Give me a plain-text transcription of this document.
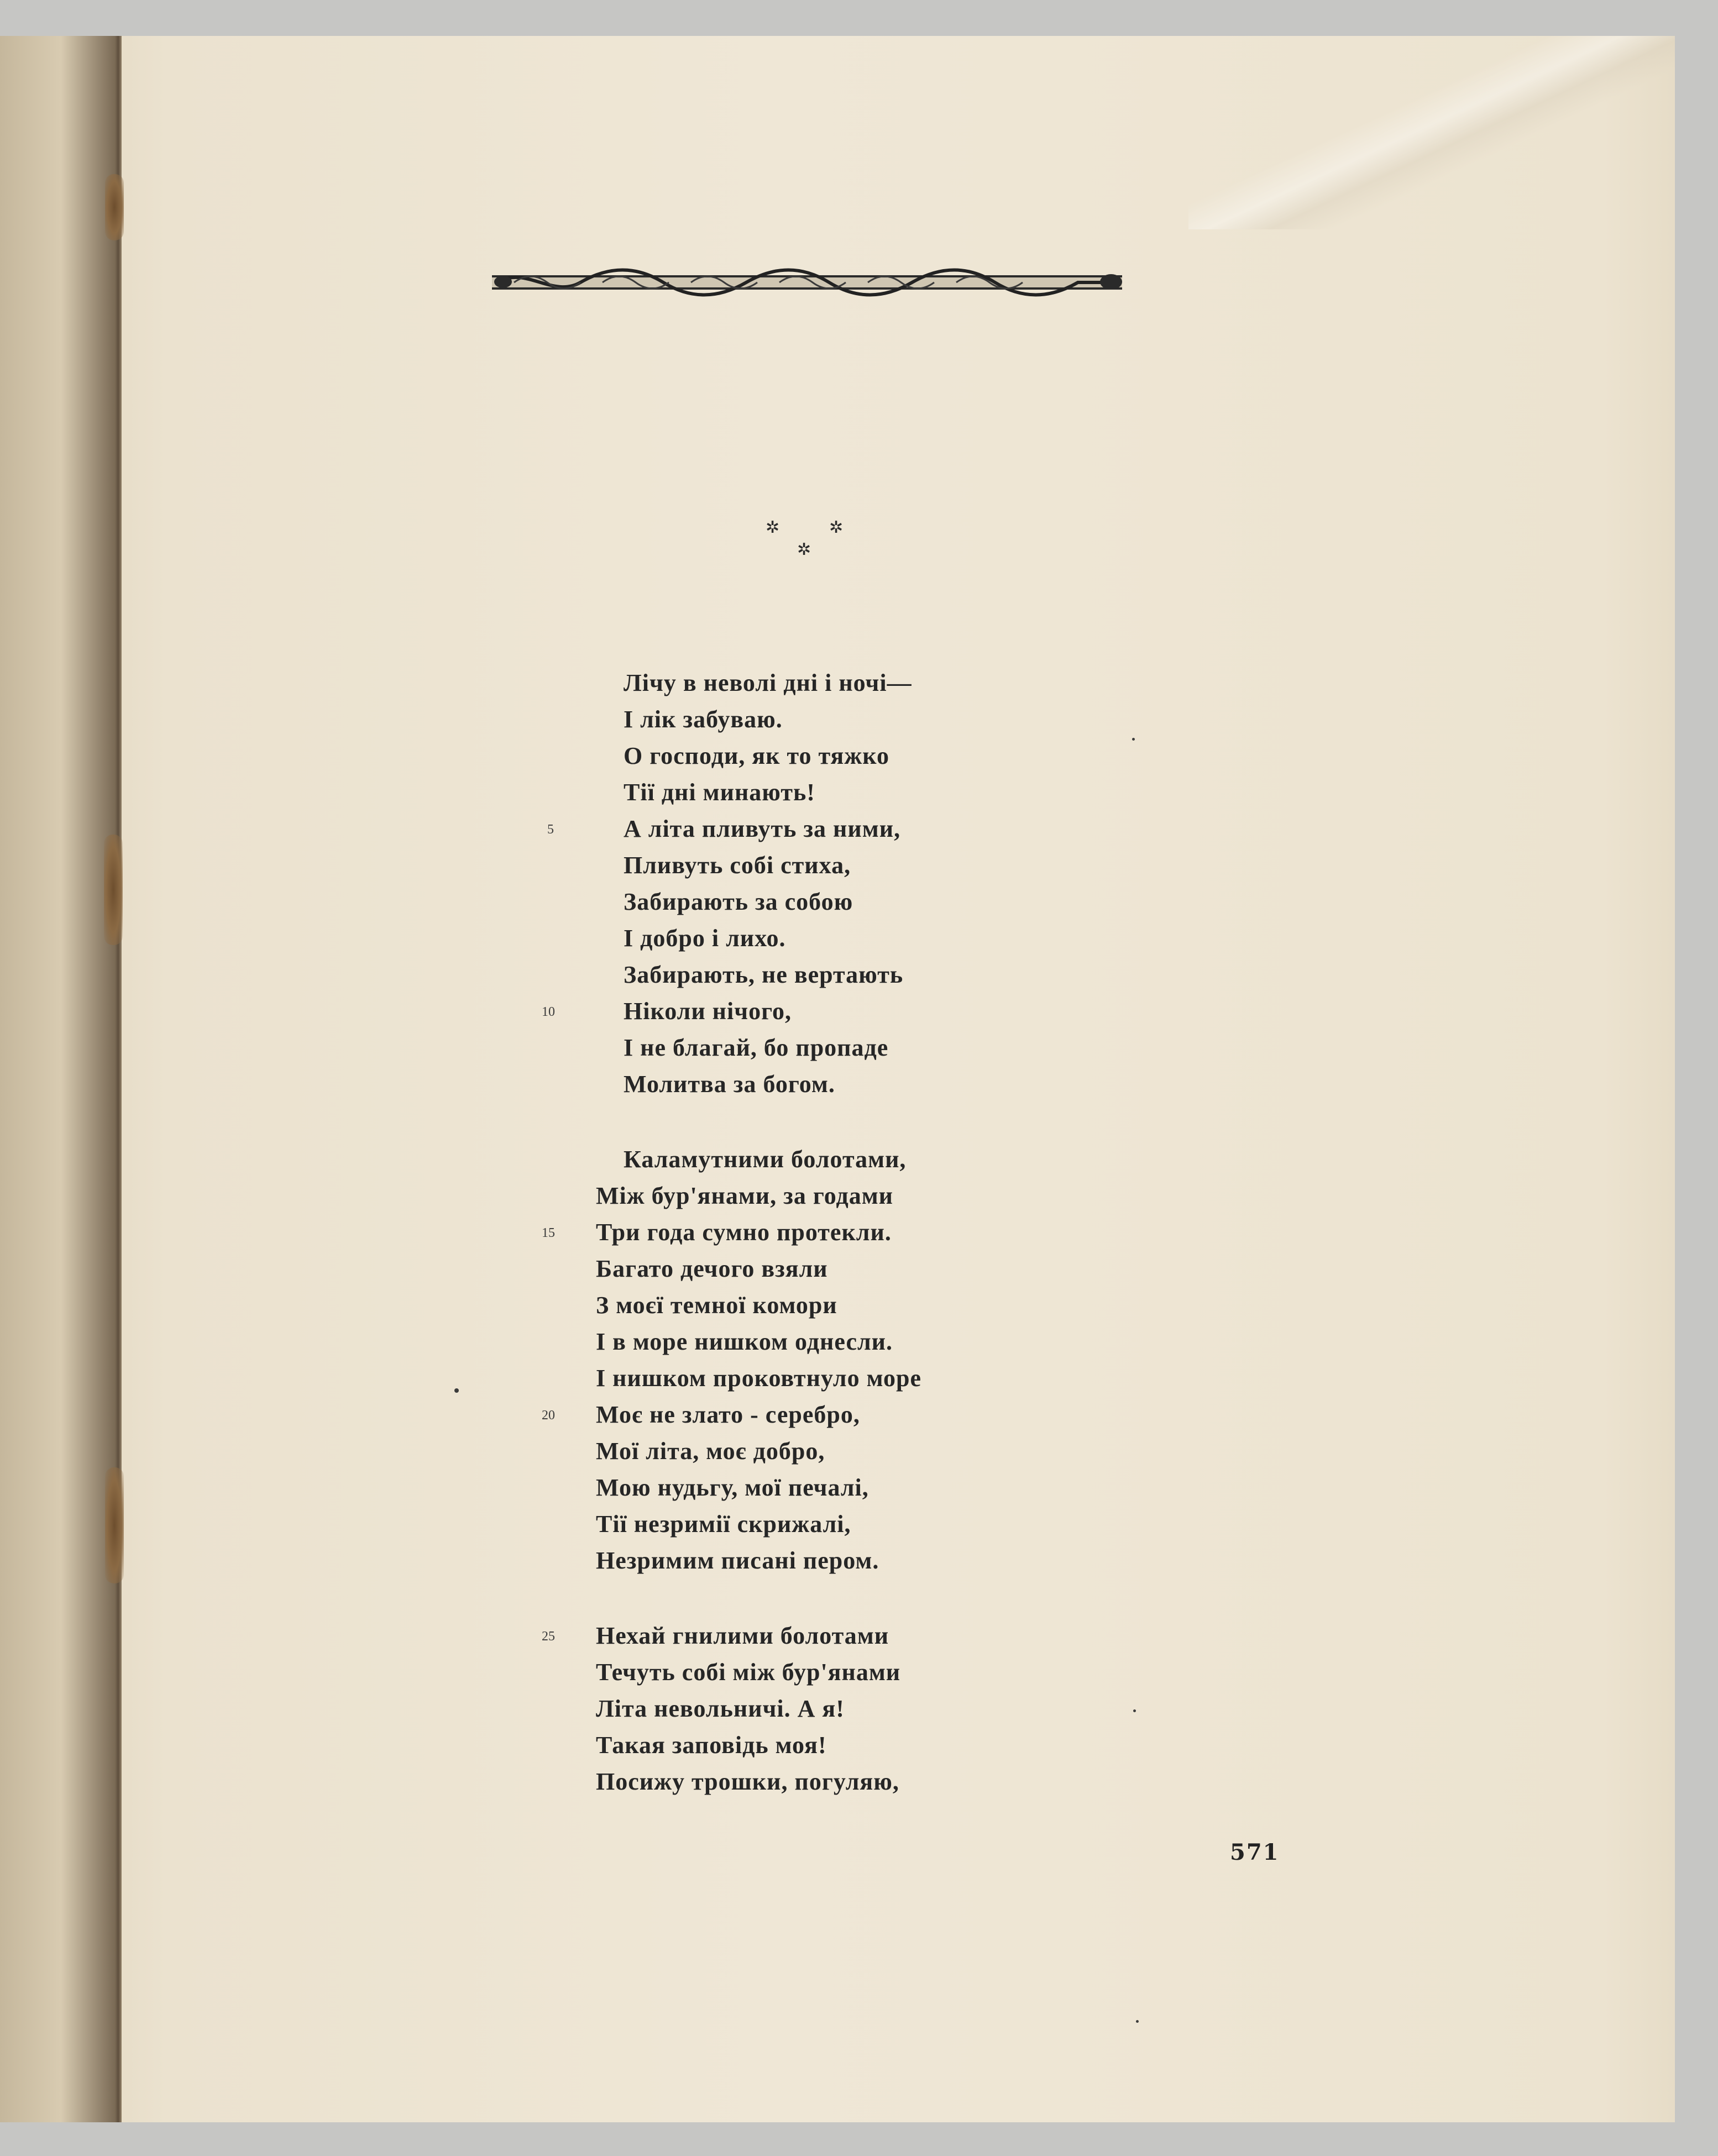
✲	✲
✲
Лічу в неволі дні і ночі—
І лік забуваю.
О господи, як то тяжко
Тії дні минають!
5	А літа пливуть за ними,
Пливуть собі стиха,
Забирають за собою
І добро і лихо.
Забирають, не вертають
10	Ніколи нічого,
І не благай, бо пропаде
Молитва за богом.
Каламутними болотами,
Між бур'янами, за годами
15 Три года сумно протекли.
Багато дечого взяли
З моєї темної комори
І в море нишком однесли.
І нишком проковтнуло море
20 Моє не злато - серебро,
Мої літа, моє добро,
Мою нудьгу, мої печалі,
Тії незримії скрижалі,
Незримим писані пером.
25 Нехай гнилими болотами
Течуть собі між бур'янами
Літа невольничі. А я!
Такая заповідь моя!
Посижу трошки, погуляю,
571
